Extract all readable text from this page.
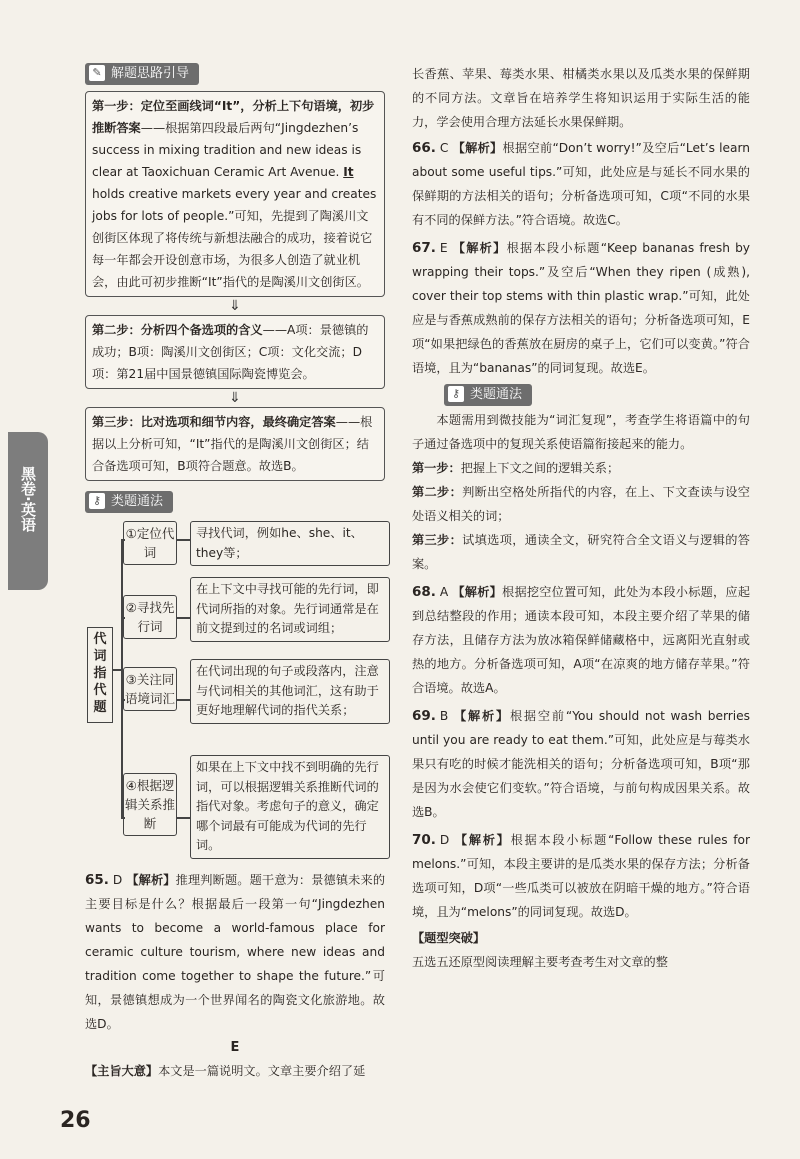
黑卷·英语
✎ 解题思路引导
第一步：定位至画线词“It”，分析上下句语境，初步推断答案——根据第四段最后两句“Jingdezhen’s success in mixing tradition and new ideas is clear at Taoxichuan Ceramic Art Avenue. It holds creative markets every year and creates jobs for lots of people.”可知，先提到了陶溪川文创街区体现了将传统与新想法融合的成功，接着说它每一年都会开设创意市场，为很多人创造了就业机会，由此可初步推断“It”指代的是陶溪川文创街区。
⇓
第二步：分析四个备选项的含义——A项：景德镇的成功；B项：陶溪川文创街区；C项：文化交流；D项：第21届中国景德镇国际陶瓷博览会。
⇓
第三步：比对选项和细节内容，最终确定答案——根据以上分析可知，“It”指代的是陶溪川文创街区；结合备选项可知，B项符合题意。故选B。
⚷ 类题通法
代词指代题
①定位代词
寻找代词，例如he、she、it、they等；
②寻找先行词
在上下文中寻找可能的先行词，即代词所指的对象。先行词通常是在前文提到过的名词或词组；
③关注同语境词汇
在代词出现的句子或段落内，注意与代词相关的其他词汇，这有助于更好地理解代词的指代关系；
④根据逻辑关系推断
如果在上下文中找不到明确的先行词，可以根据逻辑关系推断代词的指代对象。考虑句子的意义，确定哪个词最有可能成为代词的先行词。

65. D 【解析】推理判断题。题干意为：景德镇未来的主要目标是什么？根据最后一段第一句“Jingdezhen wants to become a world-famous place for ceramic culture tourism, where new ideas and tradition come together to shape the future.”可知，景德镇想成为一个世界闻名的陶瓷文化旅游地。故选D。

E

【主旨大意】本文是一篇说明文。文章主要介绍了延

长香蕉、苹果、莓类水果、柑橘类水果以及瓜类水果的保鲜期的不同方法。文章旨在培养学生将知识运用于实际生活的能力，学会使用合理方法延长水果保鲜期。

66. C 【解析】根据空前“Don’t worry!”及空后“Let’s learn about some useful tips.”可知，此处应是与延长不同水果的保鲜期的方法相关的语句；分析备选项可知，C项“不同的水果有不同的保鲜方法。”符合语境。故选C。

67. E 【解析】根据本段小标题“Keep bananas fresh by wrapping their tops.”及空后“When they ripen (成熟), cover their top stems with thin plastic wrap.”可知，此处应是与香蕉成熟前的保存方法相关的语句；分析备选项可知，E项“如果把绿色的香蕉放在厨房的桌子上，它们可以变黄。”符合语境，且为“bananas”的同词复现。故选E。

⚷ 类题通法

本题需用到微技能为“词汇复现”，考查学生将语篇中的句子通过备选项中的复现关系使语篇衔接起来的能力。

第一步：把握上下文之间的逻辑关系；

第二步：判断出空格处所指代的内容，在上、下文查读与设空处语义相关的词；

第三步：试填选项，通读全文，研究符合全文语义与逻辑的答案。

68. A 【解析】根据挖空位置可知，此处为本段小标题，应起到总结整段的作用；通读本段可知，本段主要介绍了苹果的储存方法，且储存方法为放冰箱保鲜储藏格中，远离阳光直射或热的地方。分析备选项可知，A项“在凉爽的地方储存苹果。”符合语境。故选A。

69. B 【解析】根据空前“You should not wash berries until you are ready to eat them.”可知，此处应是与莓类水果只有吃的时候才能洗相关的语句；分析备选项可知，B项“那是因为水会使它们变软。”符合语境，与前句构成因果关系。故选B。

70. D 【解析】根据本段小标题“Follow these rules for melons.”可知，本段主要讲的是瓜类水果的保存方法；分析备选项可知，D项“一些瓜类可以被放在阴暗干燥的地方。”符合语境，且为“melons”的同词复现。故选D。

【题型突破】

五选五还原型阅读理解主要考查考生对文章的整

26
